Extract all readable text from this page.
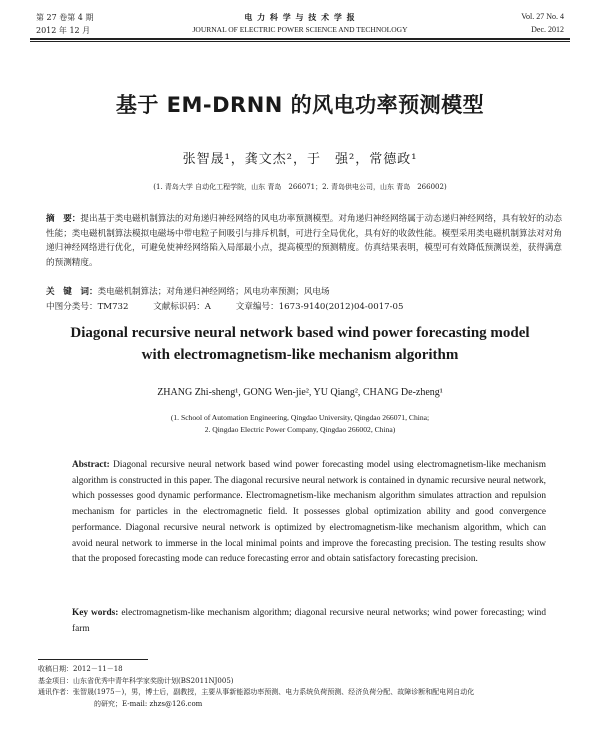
第 27 卷第 4 期
2012 年 12 月
电 力 科 学 与 技 术 学 报
JOURNAL OF ELECTRIC POWER SCIENCE AND TECHNOLOGY
Vol. 27 No. 4
Dec. 2012
基于 EM-DRNN 的风电功率预测模型
张智晟¹，龚文杰²，于　强²，常德政¹
(1. 青岛大学 自动化工程学院，山东 青岛　266071；2. 青岛供电公司，山东 青岛　266002)
摘　要：提出基于类电磁机制算法的对角递归神经网络的风电功率预测模型。对角递归神经网络属于动态递归神经网络，具有较好的动态性能；类电磁机制算法模拟电磁场中带电粒子间吸引与排斥机制，可进行全局优化，具有好的收敛性能。模型采用类电磁机制算法对对角递归神经网络进行优化，可避免使神经网络陷入局部最小点，提高模型的预测精度。仿真结果表明，模型可有效降低预测误差，获得满意的预测精度。
关　键　词：类电磁机制算法；对角递归神经网络；风电功率预测；风电场
中图分类号：TM732	文献标识码：A	文章编号：1673-9140(2012)04-0017-05
Diagonal recursive neural network based wind power forecasting model
with electromagnetism-like mechanism algorithm
ZHANG Zhi-sheng¹, GONG Wen-jie², YU Qiang², CHANG De-zheng¹
(1. School of Automation Engineering, Qingdao University, Qingdao 266071, China;
2. Qingdao Electric Power Company, Qingdao 266002, China)
Abstract: Diagonal recursive neural network based wind power forecasting model using electromagnetism-like mechanism algorithm is constructed in this paper. The diagonal recursive neural network is contained in dynamic recursive neural network, which possesses good dynamic performance. Electromagnetism-like mechanism algorithm simulates attraction and repulsion mechanism for particles in the electromagnetic field. It possesses global optimization ability and good convergence performance. Diagonal recursive neural network is optimized by electromagnetism-like mechanism algorithm, which can avoid neural network to immerse in the local minimal points and improve the forecasting precision. The testing results show that the proposed forecasting mode can reduce forecasting error and obtain satisfactory forecasting precision.
Key words: electromagnetism-like mechanism algorithm; diagonal recursive neural networks; wind power forecasting; wind farm
收稿日期：2012－11－18
基金项目：山东省优秀中青年科学家奖励计划(BS2011NJ005)
通讯作者：张智晟(1975－)，男，博士后，副教授，主要从事新能源功率预测、电力系统负荷预测、经济负荷分配、故障诊断和配电网自动化
的研究；E-mail: zhzs@126.com
